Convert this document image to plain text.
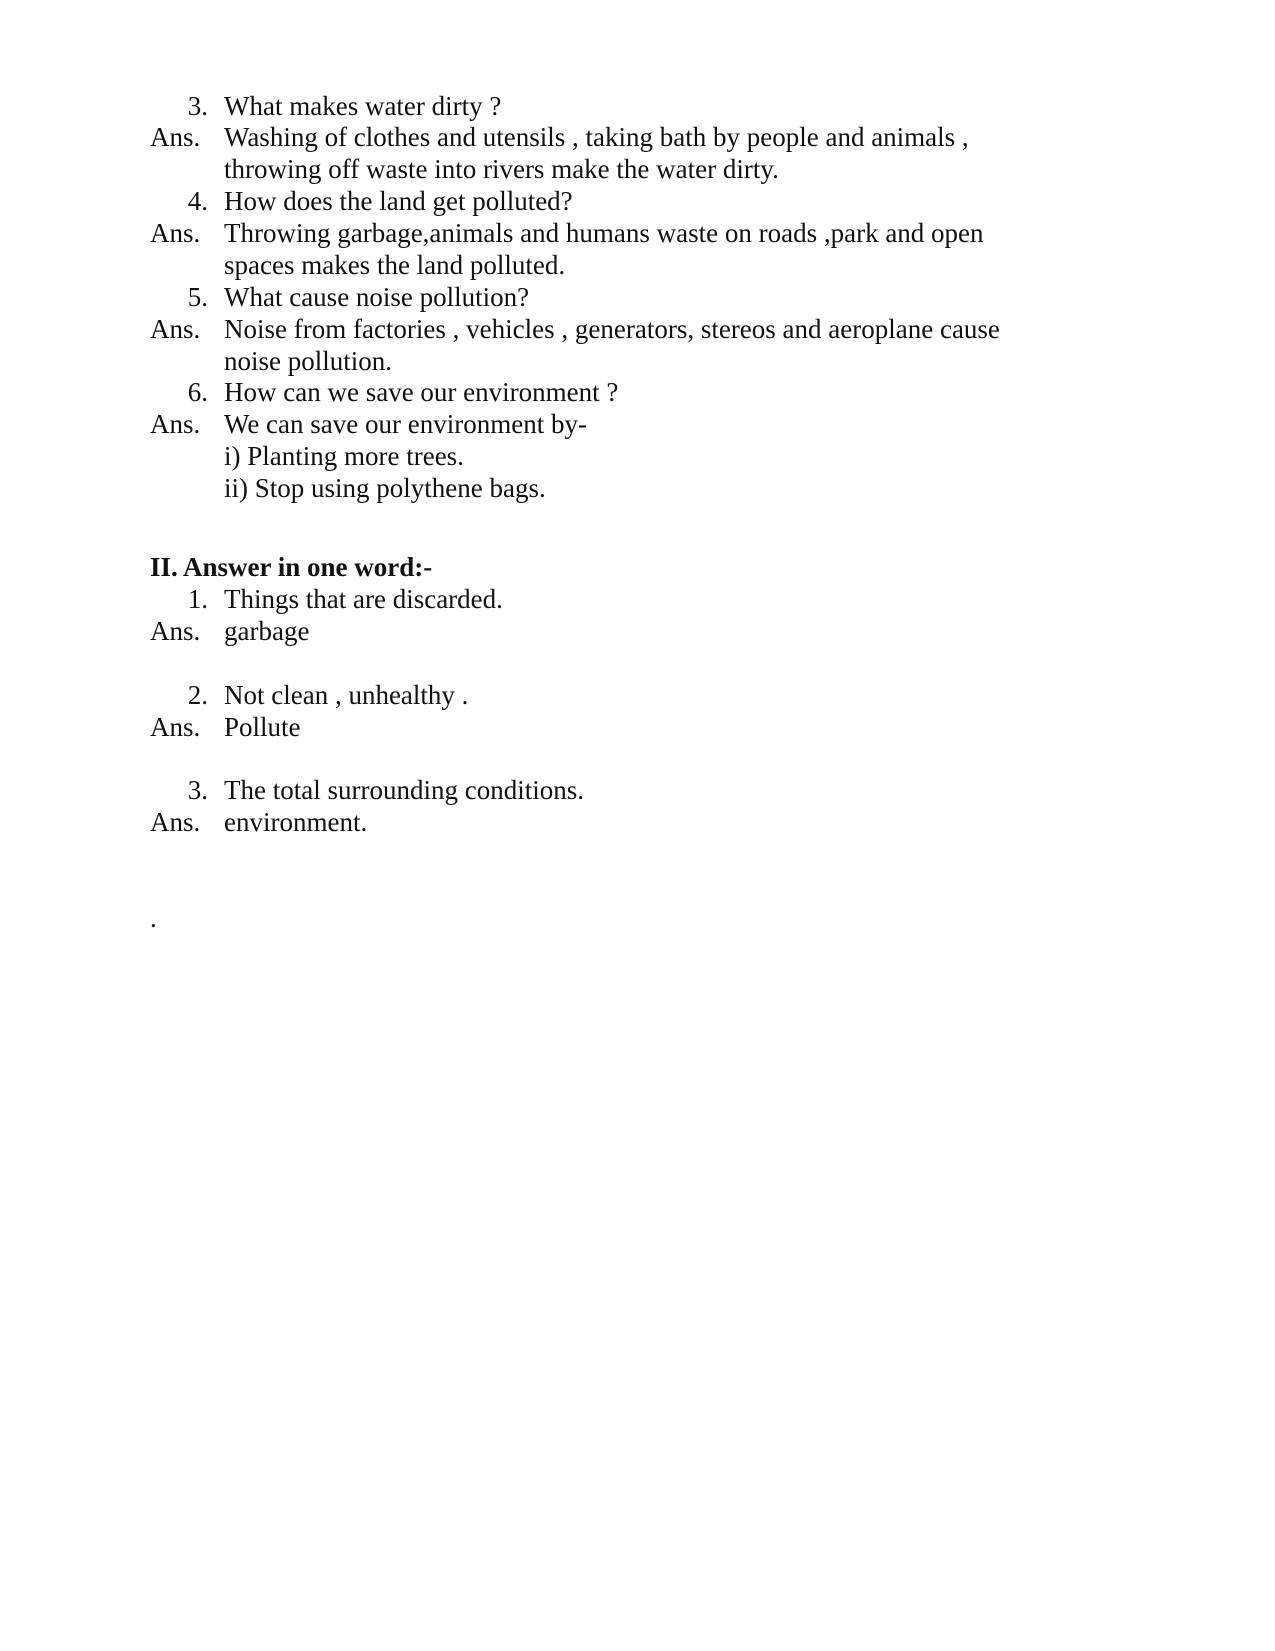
3. What makes water dirty ?
Ans. Washing of clothes and utensils , taking bath by people and animals ,
throwing off waste into rivers make the water dirty.
4. How does the land get polluted?
Ans. Throwing garbage,animals and humans waste on roads ,park and open
spaces makes the land polluted.
5. What cause noise pollution?
Ans. Noise from factories , vehicles , generators, stereos and aeroplane cause
noise pollution.
6. How can we save our environment ?
Ans. We can save our environment by-
i) Planting more trees.
ii) Stop using polythene bags.
II. Answer in one word:-
1. Things that are discarded.
Ans. garbage
2. Not clean , unhealthy .
Ans. Pollute
3. The total surrounding conditions.
Ans. environment.
.
